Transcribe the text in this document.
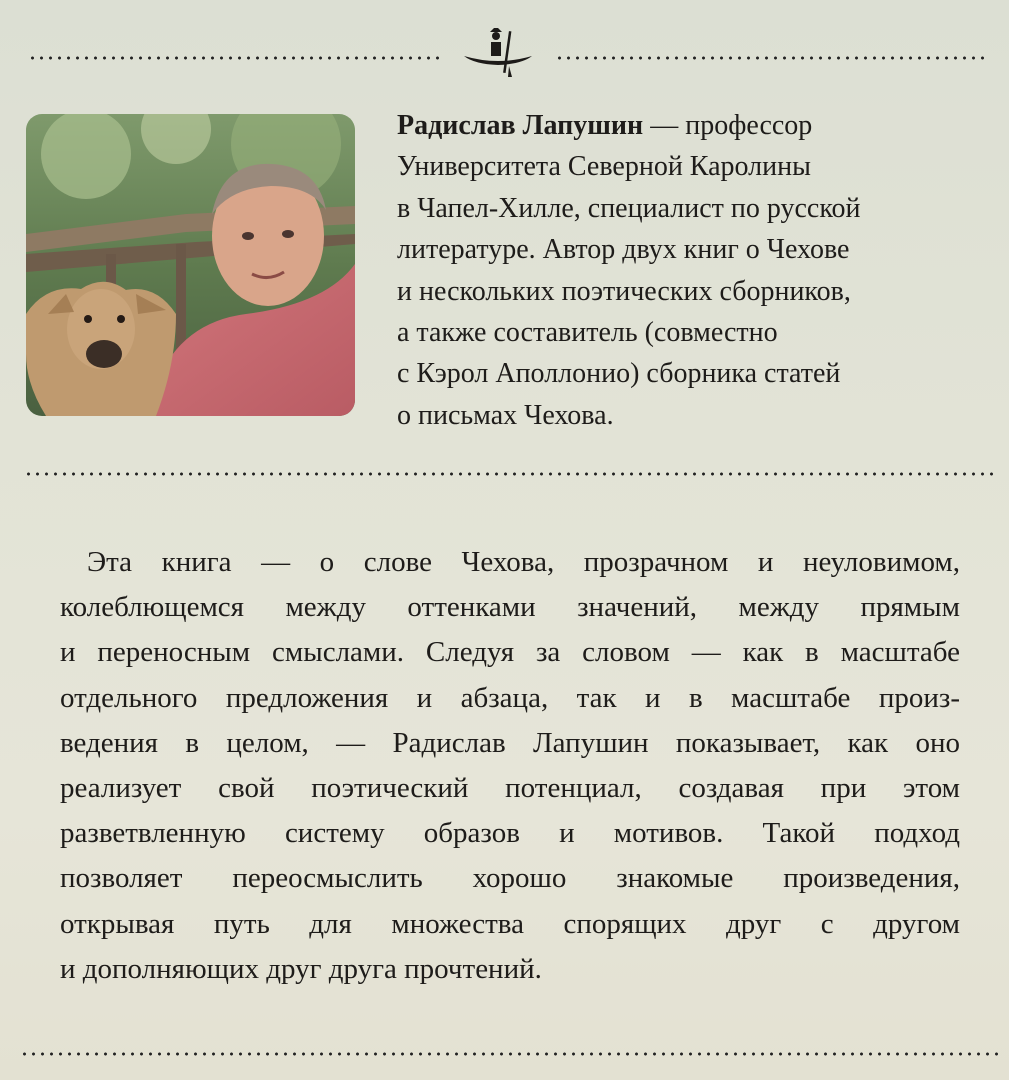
Радислав Лапушин — профессор
Университета Северной Каролины
в Чапел-Хилле, специалист по русской
литературе. Автор двух книг о Чехове
и нескольких поэтических сборников,
а также составитель (совместно
с Кэрол Аполлонио) сборника статей
о письмах Чехова.

Эта книга — о слове Чехова, прозрачном и неуловимом,
колеблющемся между оттенками значений, между прямым
и переносным смыслами. Следуя за словом — как в масштабе
отдельного предложения и абзаца, так и в масштабе произ-
ведения в целом, — Радислав Лапушин показывает, как оно
реализует свой поэтический потенциал, создавая при этом
разветвленную систему образов и мотивов. Такой подход
позволяет переосмыслить хорошо знакомые произведения,
открывая путь для множества спорящих друг с другом
и дополняющих друг друга прочтений.
